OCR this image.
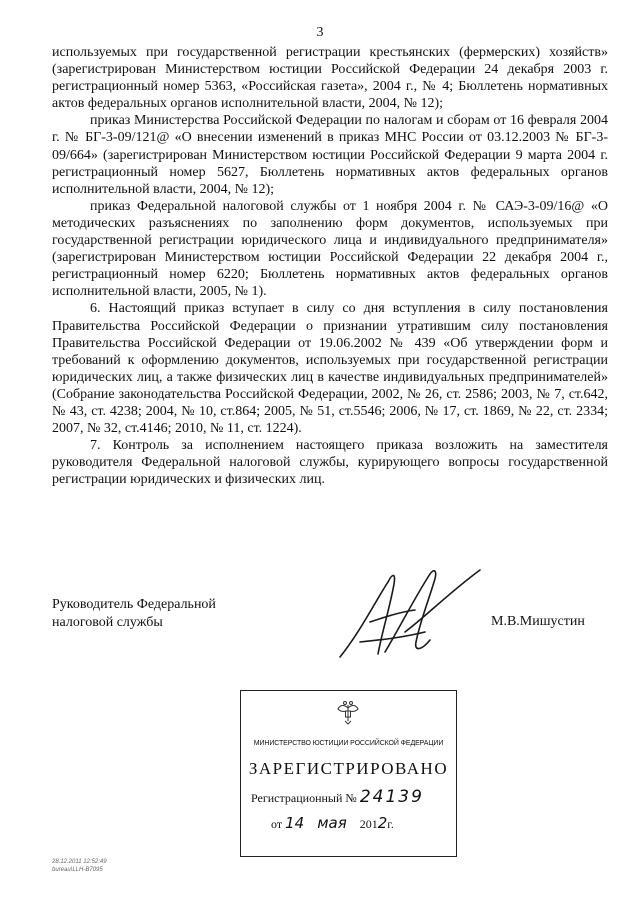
3

используемых при государственной регистрации крестьянских (фермерских) хозяйств» (зарегистрирован Министерством юстиции Российской Федерации 24 декабря 2003 г. регистрационный номер 5363, «Российская газета», 2004 г., № 4; Бюллетень нормативных актов федеральных органов исполнительной власти, 2004, № 12);

приказ Министерства Российской Федерации по налогам и сборам от 16 февраля 2004 г. № БГ-3-09/121@ «О внесении изменений в приказ МНС России от 03.12.2003 № БГ-3-09/664» (зарегистрирован Министерством юстиции Российской Федерации 9 марта 2004 г. регистрационный номер 5627, Бюллетень нормативных актов федеральных органов исполнительной власти, 2004, № 12);

приказ Федеральной налоговой службы от 1 ноября 2004 г. № САЭ-3-09/16@ «О методических разъяснениях по заполнению форм документов, используемых при государственной регистрации юридического лица и индивидуального предпринимателя» (зарегистрирован Министерством юстиции Российской Федерации 22 декабря 2004 г., регистрационный номер 6220; Бюллетень нормативных актов федеральных органов исполнительной власти, 2005, № 1).

6. Настоящий приказ вступает в силу со дня вступления в силу постановления Правительства Российской Федерации о признании утратившим силу постановления Правительства Российской Федерации от 19.06.2002 № 439 «Об утверждении форм и требований к оформлению документов, используемых при государственной регистрации юридических лиц, а также физических лиц в качестве индивидуальных предпринимателей» (Собрание законодательства Российской Федерации, 2002, № 26, ст. 2586; 2003, № 7, ст.642, № 43, ст. 4238; 2004, № 10, ст.864; 2005, № 51, ст.5546; 2006, № 17, ст. 1869, № 22, ст. 2334; 2007, № 32, ст.4146; 2010, № 11, ст. 1224).

7. Контроль за исполнением настоящего приказа возложить на заместителя руководителя Федеральной налоговой службы, курирующего вопросы государственной регистрации юридических и физических лиц.

Руководитель Федеральной
налоговой службы	М.В.Мишустин
МИНИСТЕРСТВО ЮСТИЦИИ РОССИЙСКОЙ ФЕДЕРАЦИИ
ЗАРЕГИСТРИРОВАНО
Регистрационный № 24139
от 14 мая 2012г.
28.12.2011 12:52:49
bureau\LLH-B7095
